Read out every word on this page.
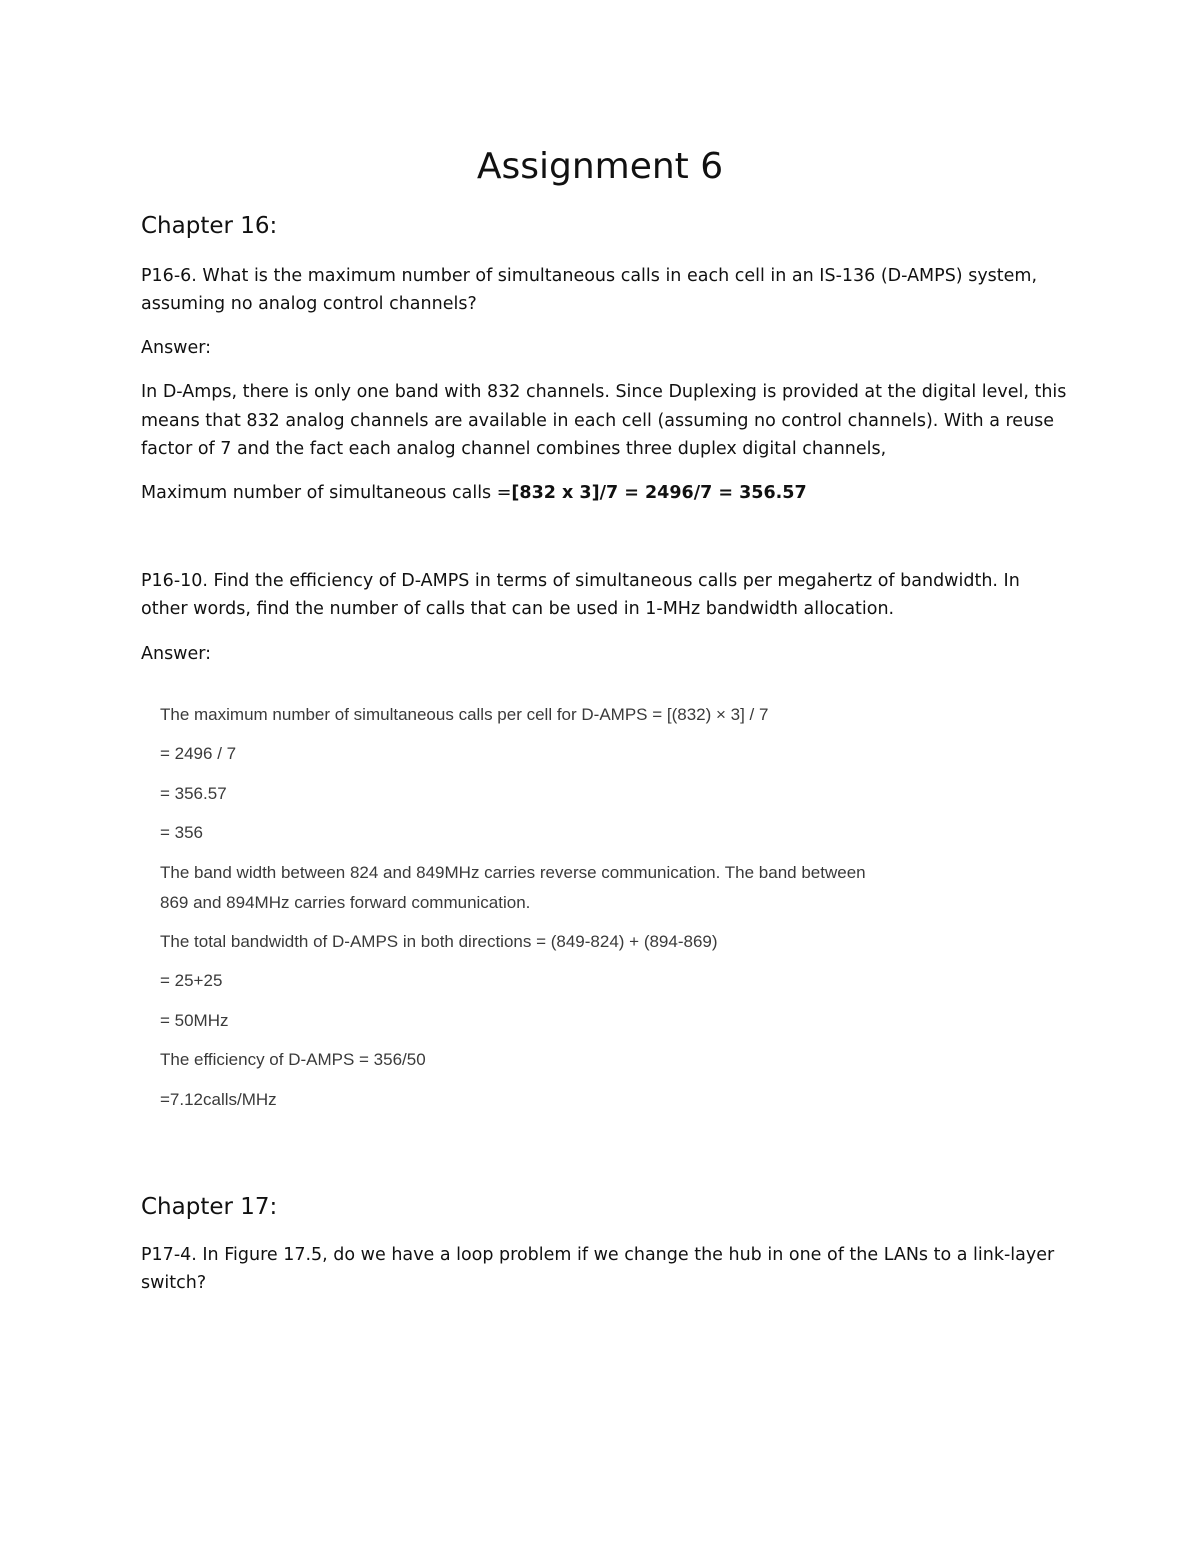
Assignment 6
Chapter 16:

P16-6. What is the maximum number of simultaneous calls in each cell in an IS-136 (D-AMPS) system,

assuming no analog control channels?

Answer:

In D-Amps, there is only one band with 832 channels. Since Duplexing is provided at the digital level, this

means that 832 analog channels are available in each cell (assuming no control channels). With a reuse

factor of 7 and the fact each analog channel combines three duplex digital channels,

Maximum number of simultaneous calls =[832 x 3]/7 = 2496/7 = 356.57

P16-10. Find the efficiency of D-AMPS in terms of simultaneous calls per megahertz of bandwidth. In

other words, find the number of calls that can be used in 1-MHz bandwidth allocation.

Answer:

The maximum number of simultaneous calls per cell for D-AMPS = [(832) × 3] / 7

= 2496 / 7

= 356.57

= 356

The band width between 824 and 849MHz carries reverse communication. The band between

869 and 894MHz carries forward communication.

The total bandwidth of D-AMPS in both directions = (849-824) + (894-869)

= 25+25

= 50MHz

The efficiency of D-AMPS = 356/50

=7.12calls/MHz

Chapter 17:

P17-4. In Figure 17.5, do we have a loop problem if we change the hub in one of the LANs to a link-layer

switch?
